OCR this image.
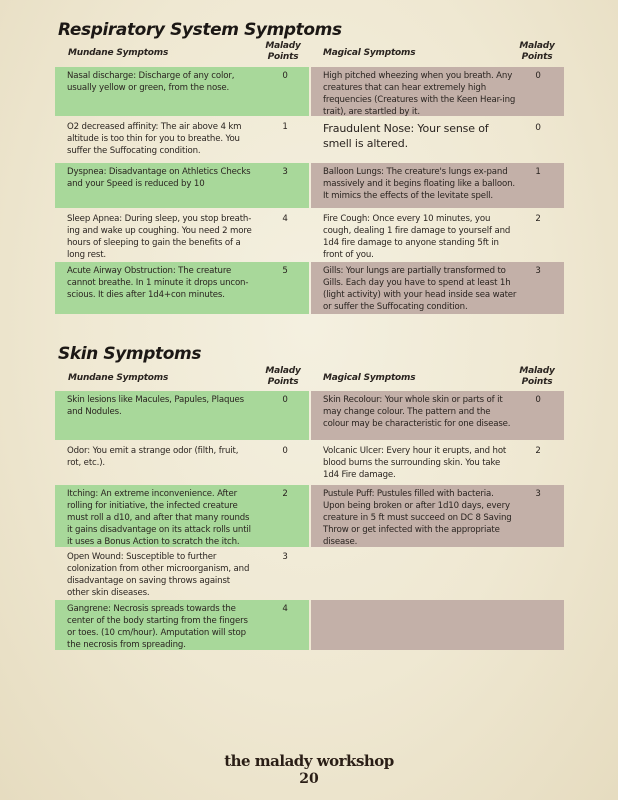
Respiratory System Symptoms
Mundane Symptoms
Malady
Points	Magical Symptoms
Malady
Points
Nasal discharge: Discharge of any color, usually yellow or green, from the nose.
0
O2 decreased affinity: The air above 4 km altitude is too thin for you to breathe. You suffer the Suffocating condition.
1
Dyspnea: Disadvantage on Athletics Checks and your Speed is reduced by 10
3
Sleep Apnea: During sleep, you stop breath-ing and wake up coughing. You need 2 more hours of sleeping to gain the benefits of a long rest.
4
Acute Airway Obstruction: The creature cannot breathe. In 1 minute it drops uncon-scious. It dies after 1d4+con minutes.
5
High pitched wheezing when you breath. Any creatures that can hear extremely high frequencies (Creatures with the Keen Hear-ing trait), are startled by it.
0
Fraudulent Nose: Your sense of smell is altered.
0
Balloon Lungs: The creature's lungs ex-pand massively and it begins floating like a balloon. It mimics the effects of the levitate spell.
1
Fire Cough: Once every 10 minutes, you cough, dealing 1 fire damage to yourself and 1d4 fire damage to anyone standing 5ft in front of you.
2
Gills: Your lungs are partially transformed to Gills. Each day you have to spend at least 1h (light activity) with your head inside sea water or suffer the Suffocating condition.
3
Skin Symptoms
Mundane Symptoms
Malady
Points	Magical Symptoms
Malady
Points
Skin lesions like Macules, Papules, Plaques and Nodules.
0
Odor: You emit a strange odor (filth, fruit, rot, etc.).
0
Itching: An extreme inconvenience. After rolling for initiative, the infected creature must roll a d10, and after that many rounds it gains disadvantage on its attack rolls until it uses a Bonus Action to scratch the itch.
2
Open Wound: Susceptible to further colonization from other microorganism, and disadvantage on saving throws against other skin diseases.
3
Gangrene: Necrosis spreads towards the center of the body starting from the fingers or toes. (10 cm/hour). Amputation will stop the necrosis from spreading.
4
Skin Recolour: Your whole skin or parts of it may change colour. The pattern and the colour may be characteristic for one disease.
0
Volcanic Ulcer: Every hour it erupts, and hot blood burns the surrounding skin. You take 1d4 Fire damage.
2
Pustule Puff: Pustules filled with bacteria. Upon being broken or after 1d10 days, every creature in 5 ft must succeed on DC 8 Saving Throw or get infected with the appropriate disease.
3
the malady workshop
20
